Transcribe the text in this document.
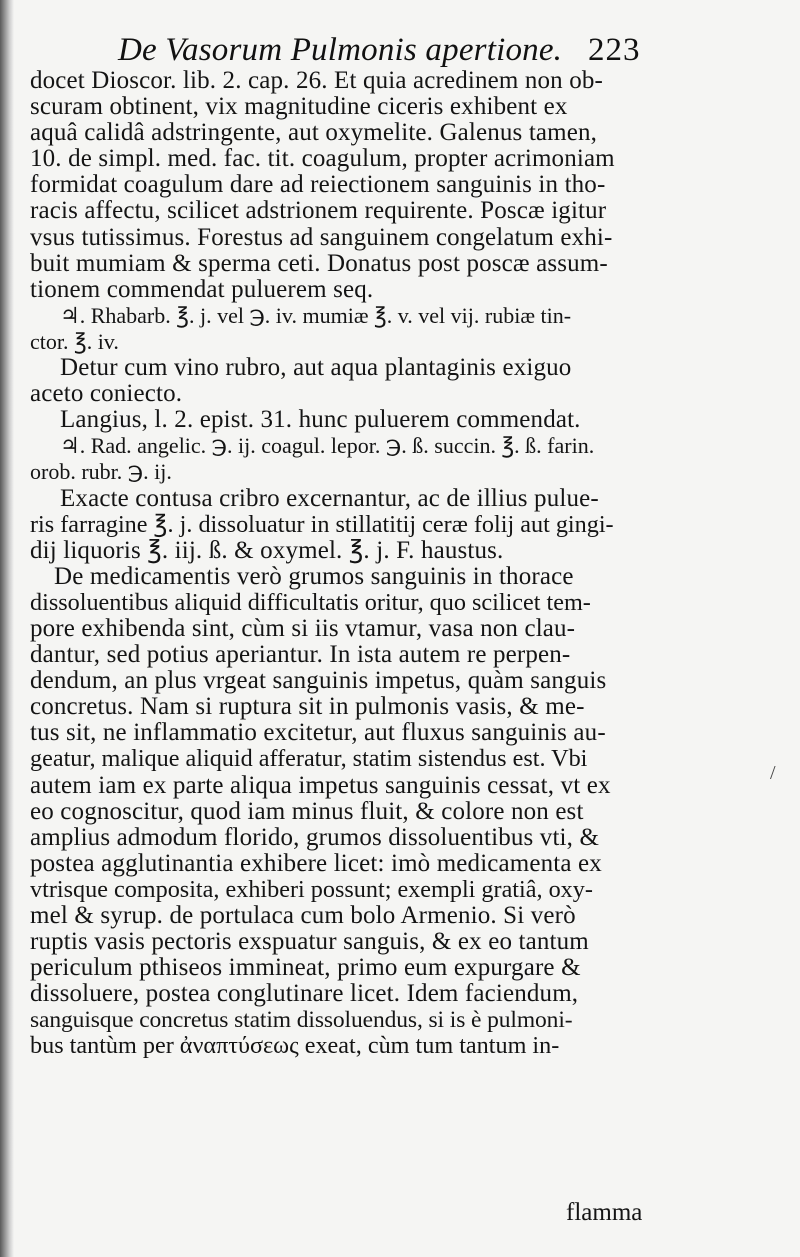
De Vasorum Pulmonis apertione. 223
docet Dioscor. lib. 2. cap. 26. Et quia acredinem non ob-
scuram obtinent, vix magnitudine ciceris exhibent ex
aquâ calidâ adstringente, aut oxymelite. Galenus tamen,
10. de simpl. med. fac. tit. coagulum, propter acrimoniam
formidat coagulum dare ad reiectionem sanguinis in tho-
racis affectu, scilicet adstrionem requirente. Poscæ igitur
vsus tutissimus. Forestus ad sanguinem congelatum exhi-
buit mumiam & sperma ceti. Donatus post poscæ assum-
tionem commendat puluerem seq.
♃. Rhabarb. ℥. j. vel ℈. iv. mumiæ ℥. v. vel vij. rubiæ tin-
ctor. ℥. iv.
Detur cum vino rubro, aut aqua plantaginis exiguo
aceto coniecto.
Langius, l. 2. epist. 31. hunc puluerem commendat.
♃. Rad. angelic. ℈. ij. coagul. lepor. ℈. ß. succin. ℥. ß. farin.
orob. rubr. ℈. ij.
Exacte contusa cribro excernantur, ac de illius pulue-
ris farragine ℥. j. dissoluatur in stillatitij ceræ folij aut gingi-
dij liquoris ℥. iij. ß. & oxymel. ℥. j. F. haustus.
De medicamentis verò grumos sanguinis in thorace
dissoluentibus aliquid difficultatis oritur, quo scilicet tem-
pore exhibenda sint, cùm si iis vtamur, vasa non clau-
dantur, sed potius aperiantur. In ista autem re perpen-
dendum, an plus vrgeat sanguinis impetus, quàm sanguis
concretus. Nam si ruptura sit in pulmonis vasis, & me-
tus sit, ne inflammatio excitetur, aut fluxus sanguinis au-
geatur, malique aliquid afferatur, statim sistendus est. Vbi
autem iam ex parte aliqua impetus sanguinis cessat, vt ex
eo cognoscitur, quod iam minus fluit, & colore non est
amplius admodum florido, grumos dissoluentibus vti, &
postea agglutinantia exhibere licet: imò medicamenta ex
vtrisque composita, exhiberi possunt; exempli gratiâ, oxy-
mel & syrup. de portulaca cum bolo Armenio. Si verò
ruptis vasis pectoris exspuatur sanguis, & ex eo tantum
periculum pthiseos immineat, primo eum expurgare &
dissoluere, postea conglutinare licet. Idem faciendum,
sanguisque concretus statim dissoluendus, si is è pulmoni-
bus tantùm per ἀναπτύσεως exeat, cùm tum tantum in-
flamma
/
